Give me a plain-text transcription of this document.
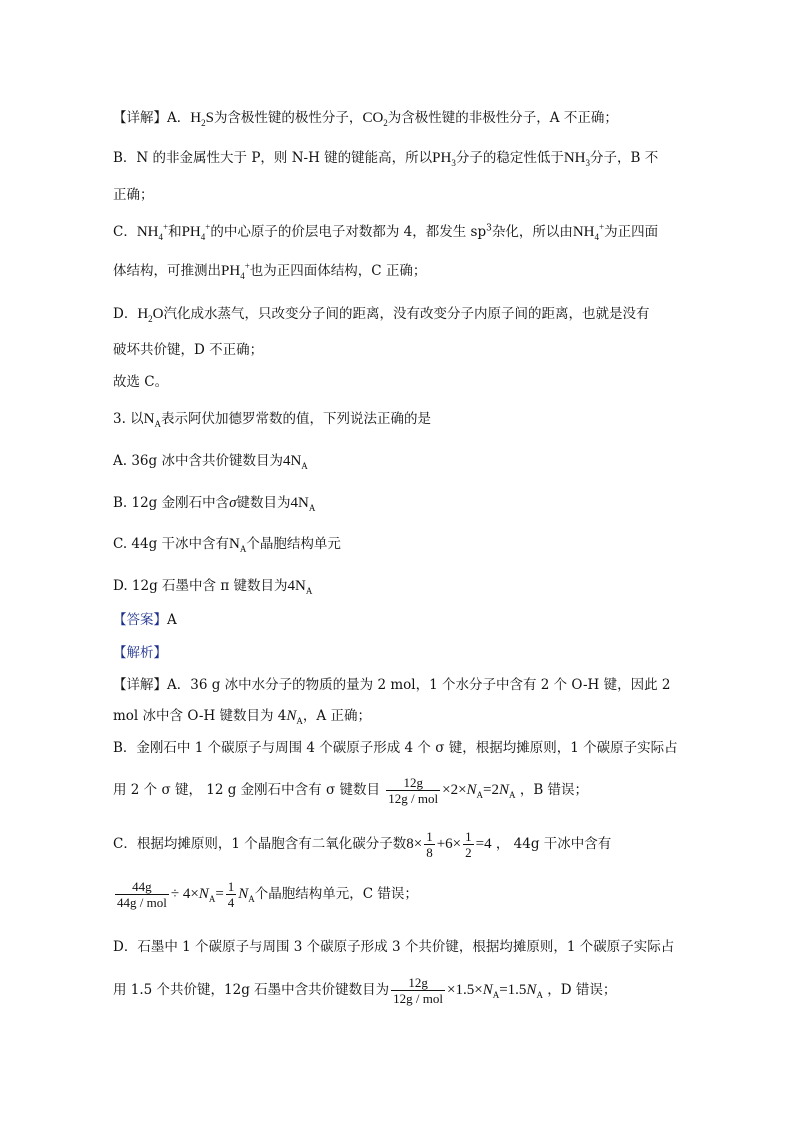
【详解】A．$H_2S$为含极性键的极性分子，$CO_2$为含极性键的非极性分子，A 不正确；
B．N 的非金属性大于 P，则 N-H 键的键能高，所以$PH_3$分子的稳定性低于$NH_3$分子，B 不
正确；
C．$NH_4^+$和$PH_4^+$的中心原子的价层电子对数都为 4，都发生 $sp^3$杂化，所以由$NH_4^+$为正四面
体结构，可推测出$PH_4^+$也为正四面体结构，C 正确；
D．$H_2O$汽化成水蒸气，只改变分子间的距离，没有改变分子内原子间的距离，也就是没有
破坏共价键，D 不正确；
故选 C。
3. 以$N_A$表示阿伏加德罗常数的值，下列说法正确的是
A. 36g 冰中含共价键数目为$4N_A$
B. 12g 金刚石中含σ键数目为$4N_A$
C. 44g 干冰中含有$N_A$个晶胞结构单元
D. 12g 石墨中含 π 键数目为$4N_A$
【答案】A
【解析】
【详解】A．36 g 冰中水分子的物质的量为 2 mol，1 个水分子中含有 2 个 O-H 键，因此 2
mol 冰中含 O-H 键数目为 $4N_A$，A 正确；
B．金刚石中 1 个碳原子与周围 4 个碳原子形成 4 个 σ 键，根据均摊原则，1 个碳原子实际占
用 2 个 σ 键， 12 g 金刚石中含有 σ 键数目 $\frac{12g}{\text{12g / mol}} \times 2\times N_A=2N_A$ ，B 错误；
C．根据均摊原则，1 个晶胞含有二氧化碳分子数$8\times \frac{1}{8} +6\times \frac{1}{2} =4$ ， 44g 干冰中含有
$\frac{44g}{\text{44g / mol}} \div 4\times N_A= \frac{1}{4} N_A$个晶胞结构单元，C 错误；
D．石墨中 1 个碳原子与周围 3 个碳原子形成 3 个共价键，根据均摊原则，1 个碳原子实际占
用 1.5 个共价键，12g 石墨中含共价键数目为 $\frac{12g}{\text{12g / mol}} \times 1.5\times N_A=1.5N_A$ ，D 错误；
